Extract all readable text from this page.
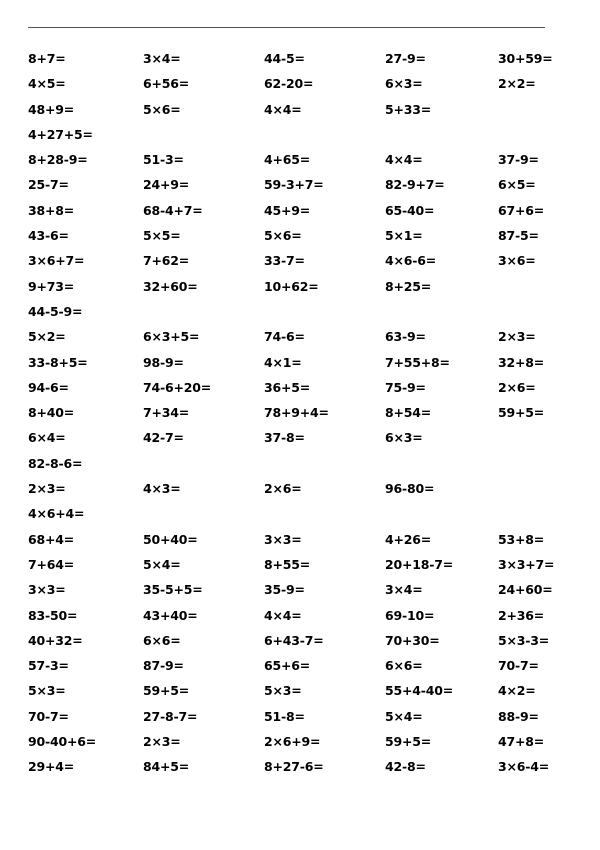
8+7=	3×4=	44-5=	27-9=	30+59=
4×5=	6+56=	62-20=	6×3=	2×2=
48+9=	5×6=	4×4=	5+33=
4+27+5=
8+28-9=	51-3=	4+65=	4×4=	37-9=
25-7=	24+9=	59-3+7=	82-9+7=	6×5=
38+8=	68-4+7=	45+9=	65-40=	67+6=
43-6=	5×5=	5×6=	5×1=	87-5=
3×6+7=	7+62=	33-7=	4×6-6=	3×6=
9+73=	32+60=	10+62=	8+25=
44-5-9=
5×2=	6×3+5=	74-6=	63-9=	2×3=
33-8+5=	98-9=	4×1=	7+55+8=	32+8=
94-6=	74-6+20=	36+5=	75-9=	2×6=
8+40=	7+34=	78+9+4=	8+54=	59+5=
6×4=	42-7=	37-8=	6×3=
82-8-6=
2×3=	4×3=	2×6=	96-80=
4×6+4=
68+4=	50+40=	3×3=	4+26=	53+8=
7+64=	5×4=	8+55=	20+18-7=	3×3+7=
3×3=	35-5+5=	35-9=	3×4=	24+60=
83-50=	43+40=	4×4=	69-10=	2+36=
40+32=	6×6=	6+43-7=	70+30=	5×3-3=
57-3=	87-9=	65+6=	6×6=	70-7=
5×3=	59+5=	5×3=	55+4-40=	4×2=
70-7=	27-8-7=	51-8=	5×4=	88-9=
90-40+6=	2×3=	2×6+9=	59+5=	47+8=
29+4=	84+5=	8+27-6=	42-8=	3×6-4=
